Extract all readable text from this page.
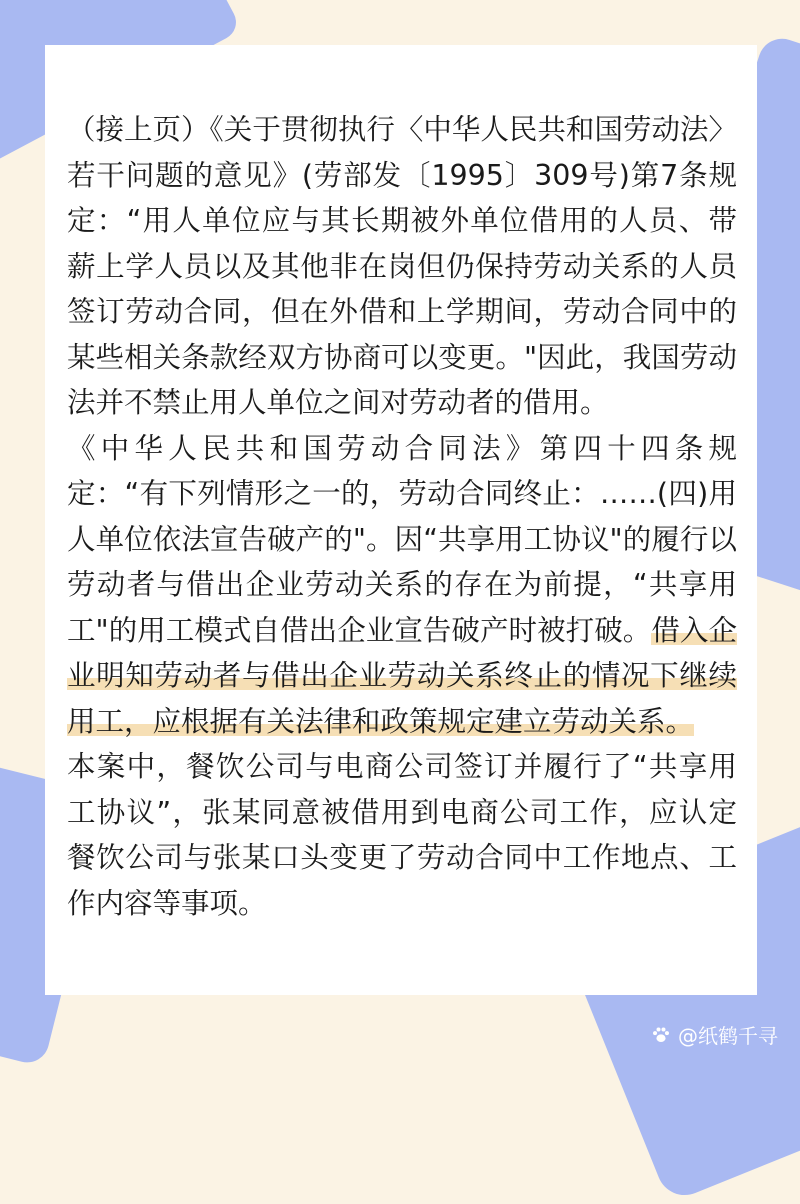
（接上页）《关于贯彻执行〈中华人民共和国劳动法〉若干问题的意见》(劳部发〔1995〕309号)第7条规定：“用人单位应与其长期被外单位借用的人员、带薪上学人员以及其他非在岗但仍保持劳动关系的人员签订劳动合同，但在外借和上学期间，劳动合同中的某些相关条款经双方协商可以变更。"因此，我国劳动法并不禁止用人单位之间对劳动者的借用。

《中华人民共和国劳动合同法》第四十四条规定：“有下列情形之一的，劳动合同终止：……(四)用人单位依法宣告破产的"。因“共享用工协议"的履行以劳动者与借出企业劳动关系的存在为前提，“共享用工"的用工模式自借出企业宣告破产时被打破。借入企业明知劳动者与借出企业劳动关系终止的情况下继续用工，应根据有关法律和政策规定建立劳动关系。

本案中，餐饮公司与电商公司签订并履行了“共享用工协议”，张某同意被借用到电商公司工作，应认定餐饮公司与张某口头变更了劳动合同中工作地点、工作内容等事项。

@纸鹤千寻
